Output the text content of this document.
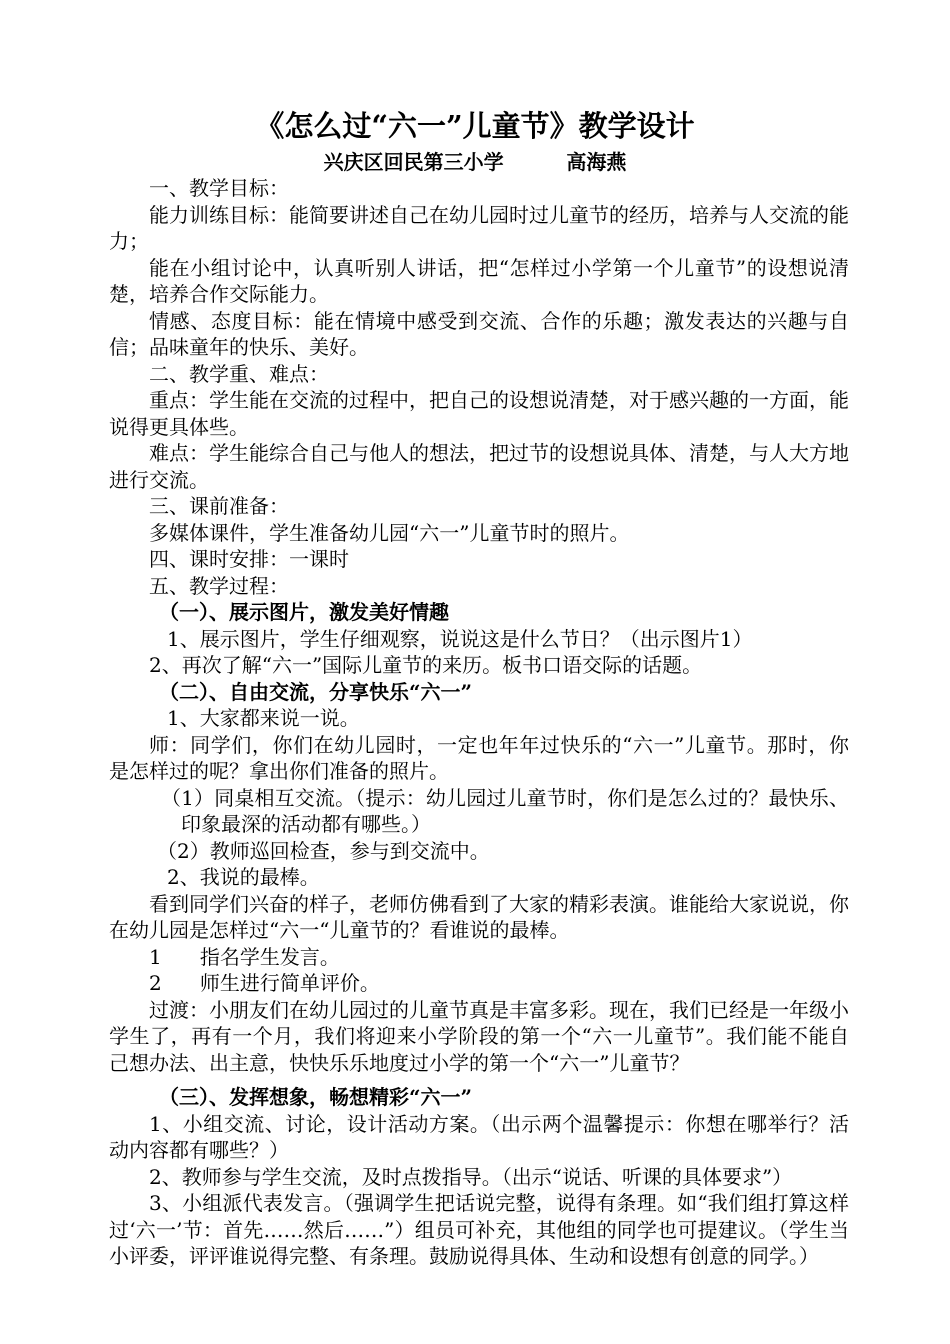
《怎么过“六一”儿童节》教学设计
兴庆区回民第三小学         高海燕

一、教学目标：

能力训练目标：能简要讲述自己在幼儿园时过儿童节的经历，培养与人交流的能力；

能在小组讨论中，认真听别人讲话，把“怎样过小学第一个儿童节”的设想说清楚，培养合作交际能力。

情感、态度目标：能在情境中感受到交流、合作的乐趣；激发表达的兴趣与自信；品味童年的快乐、美好。

二、教学重、难点：

重点：学生能在交流的过程中，把自己的设想说清楚，对于感兴趣的一方面，能说得更具体些。

难点：学生能综合自己与他人的想法，把过节的设想说具体、清楚，与人大方地进行交流。

三、课前准备：

多媒体课件，学生准备幼儿园“六一”儿童节时的照片。

四、课时安排：一课时

五、教学过程：

（一）、展示图片，激发美好情趣

1、展示图片，学生仔细观察，说说这是什么节日？（出示图片1）

2、再次了解“六一”国际儿童节的来历。板书口语交际的话题。

（二）、自由交流，分享快乐“六一”

1、大家都来说一说。

师：同学们，你们在幼儿园时，一定也年年过快乐的“六一”儿童节。那时，你是怎样过的呢？拿出你们准备的照片。

（1）同桌相互交流。（提示：幼儿园过儿童节时，你们是怎么过的？最快乐、印象最深的活动都有哪些。）

（2）教师巡回检查，参与到交流中。

2、我说的最棒。

看到同学们兴奋的样子，老师仿佛看到了大家的精彩表演。谁能给大家说说，你在幼儿园是怎样过“六一“儿童节的？看谁说的最棒。

1      指名学生发言。

2      师生进行简单评价。

过渡：小朋友们在幼儿园过的儿童节真是丰富多彩。现在，我们已经是一年级小学生了，再有一个月，我们将迎来小学阶段的第一个“六一儿童节”。我们能不能自己想办法、出主意，快快乐乐地度过小学的第一个“六一”儿童节？

（三）、发挥想象，畅想精彩“六一”

1、小组交流、讨论，设计活动方案。（出示两个温馨提示：你想在哪举行？活动内容都有哪些？）

2、教师参与学生交流，及时点拨指导。（出示“说话、听课的具体要求”）

3、小组派代表发言。（强调学生把话说完整，说得有条理。如“我们组打算这样过‘六一’节：首先……然后……”）组员可补充，其他组的同学也可提建议。（学生当小评委，评评谁说得完整、有条理。鼓励说得具体、生动和设想有创意的同学。）
